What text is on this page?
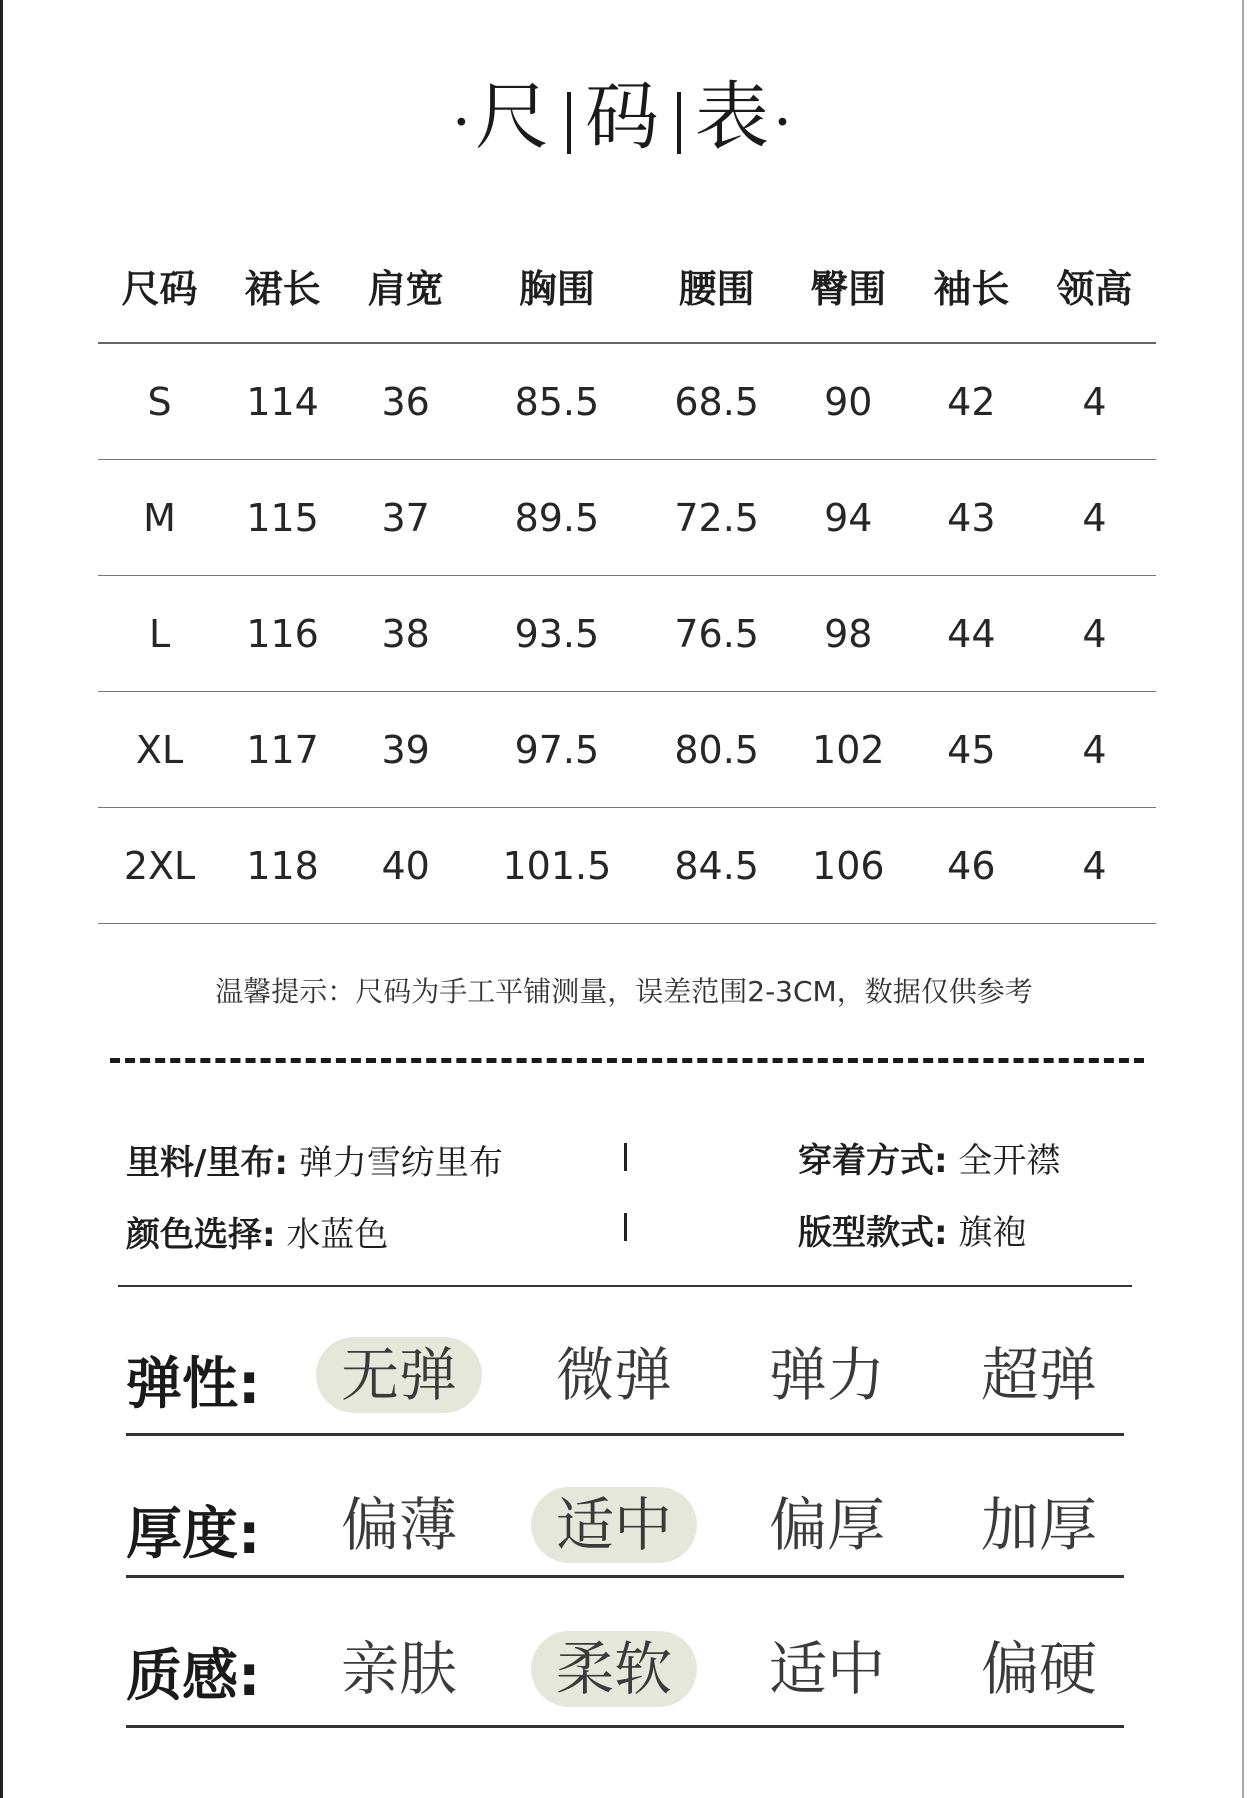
·尺 码 表·
尺码	裙长	肩宽	胸围	腰围	臀围	袖长	领高
S	114	36	85.5	68.5	90	42	4
M	115	37	89.5	72.5	94	43	4
L	116	38	93.5	76.5	98	44	4
XL	117	39	97.5	80.5	102	45	4
2XL	118	40	101.5	84.5	106	46	4
温馨提示：尺码为手工平铺测量，误差范围2-3CM，数据仅供参考
里料/里布: 弹力雪纺里布	穿着方式: 全开襟
颜色选择: 水蓝色	版型款式: 旗袍
弹性:	无弹	微弹	弹力	超弹
厚度:	偏薄	适中	偏厚	加厚
质感:	亲肤	柔软	适中	偏硬
